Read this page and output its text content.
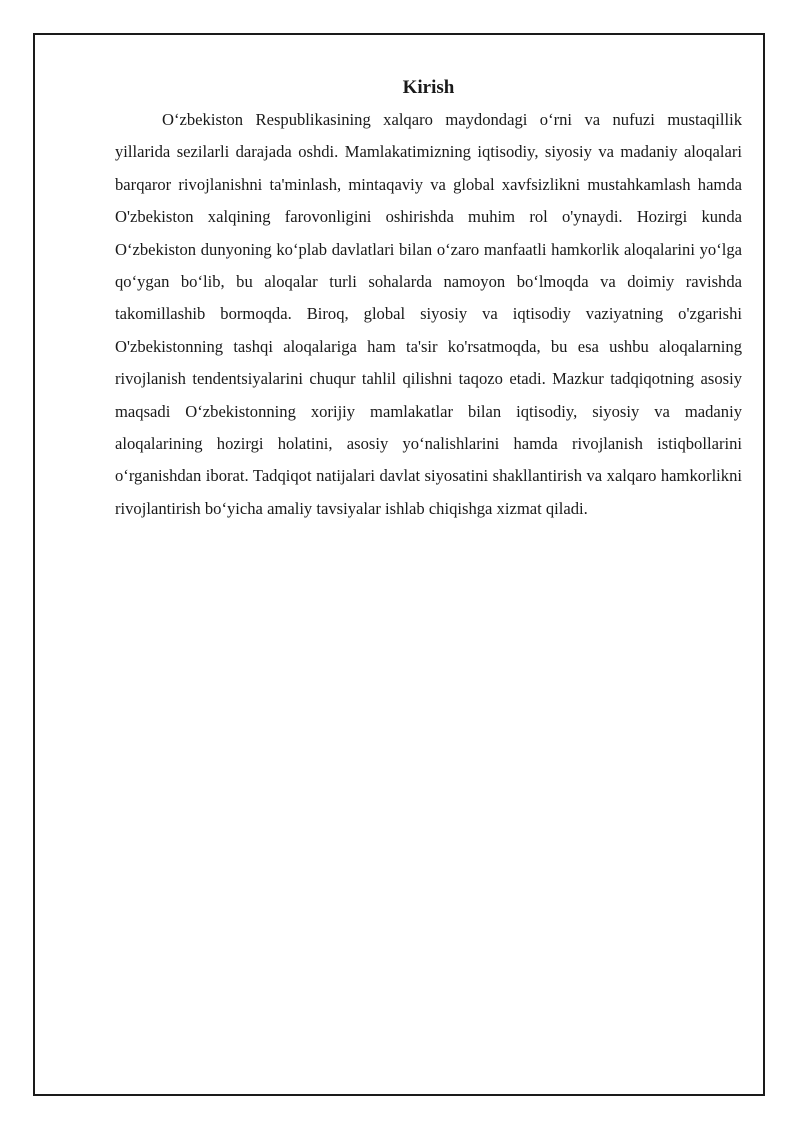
Kirish

O‘zbekiston Respublikasining xalqaro maydondagi o‘rni va nufuzi mustaqillik yillarida sezilarli darajada oshdi. Mamlakatimizning iqtisodiy, siyosiy va madaniy aloqalari barqaror rivojlanishni ta'minlash, mintaqaviy va global xavfsizlikni mustahkamlash hamda O'zbekiston xalqining farovonligini oshirishda muhim rol o'ynaydi. Hozirgi kunda O‘zbekiston dunyoning ko‘plab davlatlari bilan o‘zaro manfaatli hamkorlik aloqalarini yo‘lga qo‘ygan bo‘lib, bu aloqalar turli sohalarda namoyon bo‘lmoqda va doimiy ravishda takomillashib bormoqda. Biroq, global siyosiy va iqtisodiy vaziyatning o'zgarishi O'zbekistonning tashqi aloqalariga ham ta'sir ko'rsatmoqda, bu esa ushbu aloqalarning rivojlanish tendentsiyalarini chuqur tahlil qilishni taqozo etadi. Mazkur tadqiqotning asosiy maqsadi O‘zbekistonning xorijiy mamlakatlar bilan iqtisodiy, siyosiy va madaniy aloqalarining hozirgi holatini, asosiy yo‘nalishlarini hamda rivojlanish istiqbollarini o‘rganishdan iborat. Tadqiqot natijalari davlat siyosatini shakllantirish va xalqaro hamkorlikni rivojlantirish bo‘yicha amaliy tavsiyalar ishlab chiqishga xizmat qiladi.
